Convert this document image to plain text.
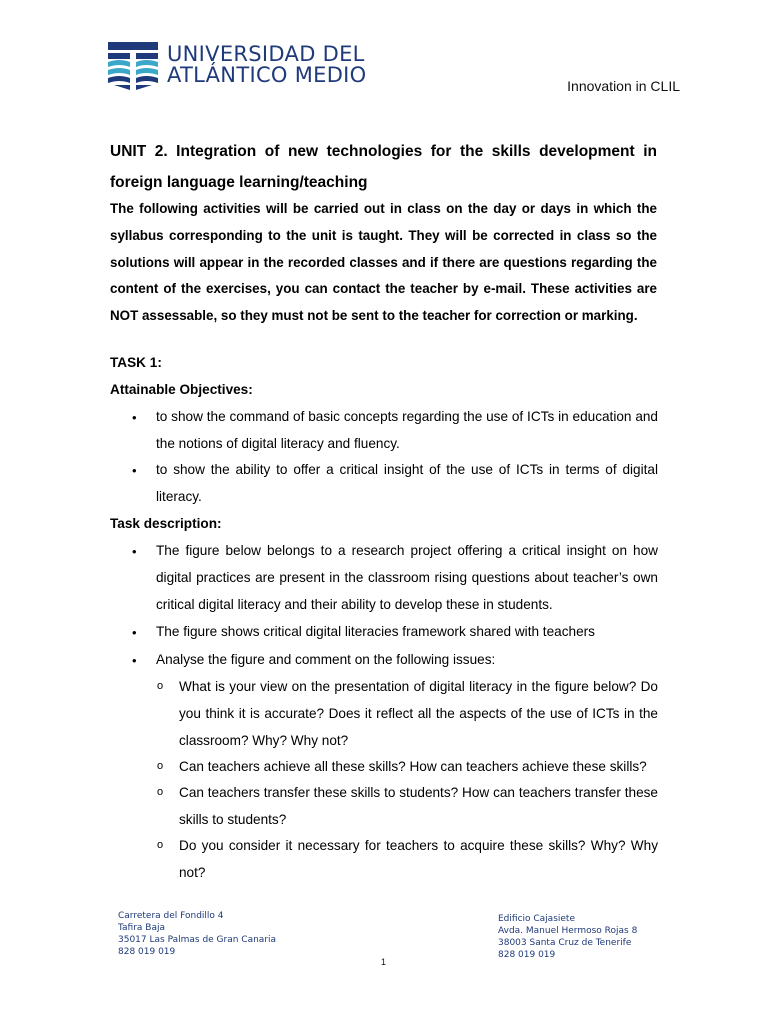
UNIVERSIDAD DEL
ATLÁNTICO MEDIO	Innovation in CLIL
UNIT 2. Integration of new technologies for the skills development in foreign language learning/teaching
The following activities will be carried out in class on the day or days in which the syllabus corresponding to the unit is taught. They will be corrected in class so the solutions will appear in the recorded classes and if there are questions regarding the content of the exercises, you can contact the teacher by e-mail. These activities are NOT assessable, so they must not be sent to the teacher for correction or marking.
TASK 1:
Attainable Objectives:
• to show the command of basic concepts regarding the use of ICTs in education and the notions of digital literacy and fluency.
• to show the ability to offer a critical insight of the use of ICTs in terms of digital literacy.
Task description:
• The figure below belongs to a research project offering a critical insight on how digital practices are present in the classroom rising questions about teacher’s own critical digital literacy and their ability to develop these in students.
• The figure shows critical digital literacies framework shared with teachers
• Analyse the figure and comment on the following issues:
o What is your view on the presentation of digital literacy in the figure below? Do you think it is accurate? Does it reflect all the aspects of the use of ICTs in the classroom? Why? Why not?
o Can teachers achieve all these skills? How can teachers achieve these skills?
o Can teachers transfer these skills to students? How can teachers transfer these skills to students?
o Do you consider it necessary for teachers to acquire these skills? Why? Why not?
Carretera del Fondillo 4
Tafira Baja
35017 Las Palmas de Gran Canaria
828 019 019
Edificio Cajasiete
Avda. Manuel Hermoso Rojas 8
38003 Santa Cruz de Tenerife
828 019 019
1
